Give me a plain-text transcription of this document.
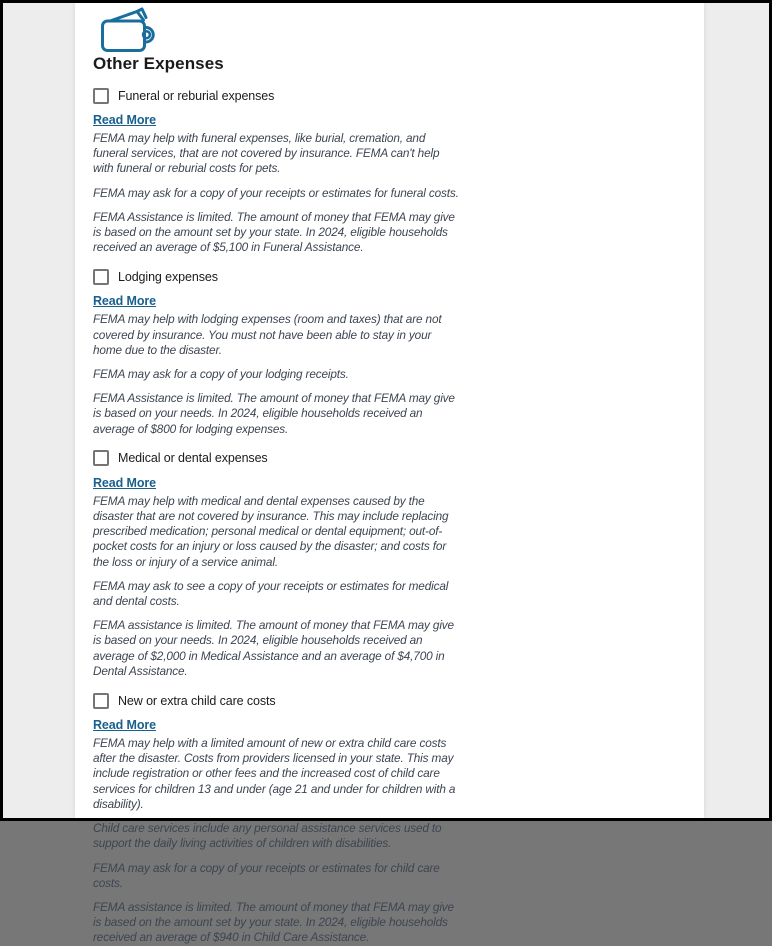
Other Expenses
Funeral or reburial expenses
Read More

FEMA may help with funeral expenses, like burial, cremation, and funeral services, that are not covered by insurance. FEMA can't help with funeral or reburial costs for pets.

FEMA may ask for a copy of your receipts or estimates for funeral costs.

FEMA Assistance is limited. The amount of money that FEMA may give is based on the amount set by your state. In 2024, eligible households received an average of $5,100 in Funeral Assistance.

Lodging expenses
Read More

FEMA may help with lodging expenses (room and taxes) that are not covered by insurance. You must not have been able to stay in your home due to the disaster.

FEMA may ask for a copy of your lodging receipts.

FEMA Assistance is limited. The amount of money that FEMA may give is based on your needs. In 2024, eligible households received an average of $800 for lodging expenses.

Medical or dental expenses
Read More

FEMA may help with medical and dental expenses caused by the disaster that are not covered by insurance. This may include replacing prescribed medication; personal medical or dental equipment; out-of-pocket costs for an injury or loss caused by the disaster; and costs for the loss or injury of a service animal.

FEMA may ask to see a copy of your receipts or estimates for medical and dental costs.

FEMA assistance is limited. The amount of money that FEMA may give is based on your needs. In 2024, eligible households received an average of $2,000 in Medical Assistance and an average of $4,700 in Dental Assistance.

New or extra child care costs
Read More

FEMA may help with a limited amount of new or extra child care costs after the disaster. Costs from providers licensed in your state. This may include registration or other fees and the increased cost of child care services for children 13 and under (age 21 and under for children with a disability).

Child care services include any personal assistance services used to support the daily living activities of children with disabilities.

FEMA may ask for a copy of your receipts or estimates for child care costs.

FEMA assistance is limited. The amount of money that FEMA may give is based on the amount set by your state. In 2024, eligible households received an average of $940 in Child Care Assistance.
